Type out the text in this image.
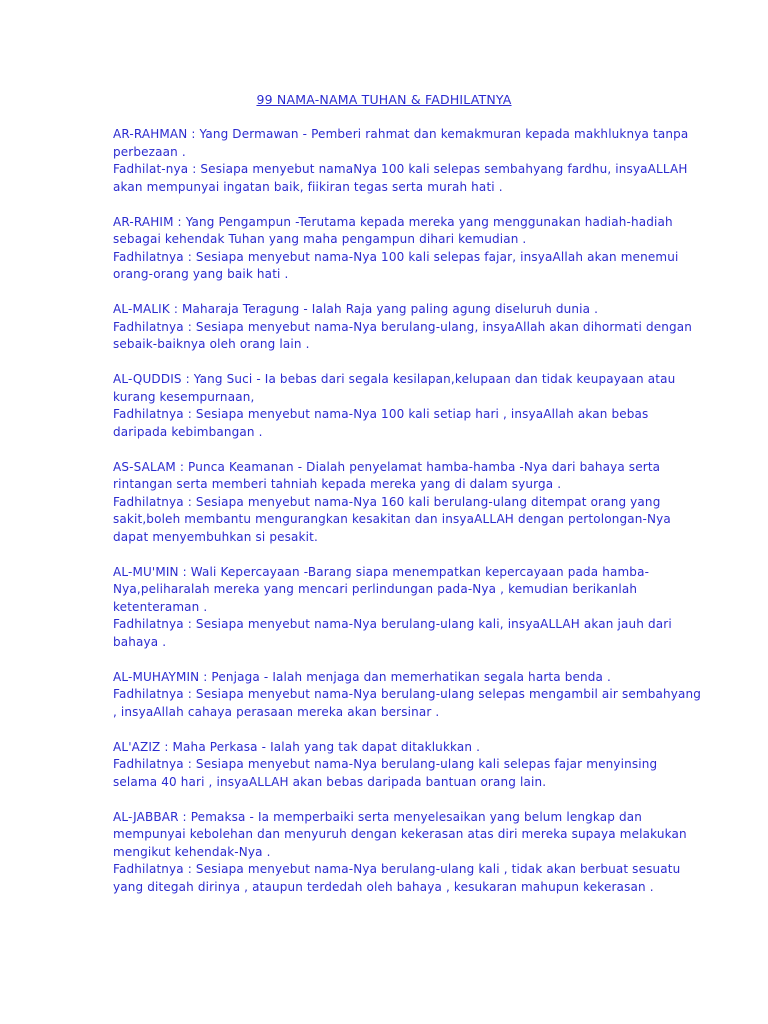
99 NAMA-NAMA TUHAN & FADHILATNYA
AR-RAHMAN : Yang Dermawan - Pemberi rahmat dan kemakmuran kepada makhluknya tanpa
perbezaan .
Fadhilat-nya : Sesiapa menyebut namaNya 100 kali selepas sembahyang fardhu, insyaALLAH
akan mempunyai ingatan baik, fiikiran tegas serta murah hati .
AR-RAHIM : Yang Pengampun -Terutama kepada mereka yang menggunakan hadiah-hadiah
sebagai kehendak Tuhan yang maha pengampun dihari kemudian .
Fadhilatnya : Sesiapa menyebut nama-Nya 100 kali selepas fajar, insyaAllah akan menemui
orang-orang yang baik hati .
AL-MALIK : Maharaja Teragung - Ialah Raja yang paling agung diseluruh dunia .
Fadhilatnya : Sesiapa menyebut nama-Nya berulang-ulang, insyaAllah akan dihormati dengan
sebaik-baiknya oleh orang lain .
AL-QUDDIS : Yang Suci - Ia bebas dari segala kesilapan,kelupaan dan tidak keupayaan atau
kurang kesempurnaan,
Fadhilatnya : Sesiapa menyebut nama-Nya 100 kali setiap hari , insyaAllah akan bebas
daripada kebimbangan .
AS-SALAM : Punca Keamanan - Dialah penyelamat hamba-hamba -Nya dari bahaya serta
rintangan serta memberi tahniah kepada mereka yang di dalam syurga .
Fadhilatnya : Sesiapa menyebut nama-Nya 160 kali berulang-ulang ditempat orang yang
sakit,boleh membantu mengurangkan kesakitan dan insyaALLAH dengan pertolongan-Nya
dapat menyembuhkan si pesakit.
AL-MU'MIN : Wali Kepercayaan -Barang siapa menempatkan kepercayaan pada hamba-
Nya,peliharalah mereka yang mencari perlindungan pada-Nya , kemudian berikanlah
ketenteraman .
Fadhilatnya : Sesiapa menyebut nama-Nya berulang-ulang kali, insyaALLAH akan jauh dari
bahaya .
AL-MUHAYMIN : Penjaga - Ialah menjaga dan memerhatikan segala harta benda .
Fadhilatnya : Sesiapa menyebut nama-Nya berulang-ulang selepas mengambil air sembahyang
, insyaAllah cahaya perasaan mereka akan bersinar .
AL'AZIZ : Maha Perkasa - Ialah yang tak dapat ditaklukkan .
Fadhilatnya : Sesiapa menyebut nama-Nya berulang-ulang kali selepas fajar menyinsing
selama 40 hari , insyaALLAH akan bebas daripada bantuan orang lain.
AL-JABBAR : Pemaksa - Ia memperbaiki serta menyelesaikan yang belum lengkap dan
mempunyai kebolehan dan menyuruh dengan kekerasan atas diri mereka supaya melakukan
mengikut kehendak-Nya .
Fadhilatnya : Sesiapa menyebut nama-Nya berulang-ulang kali , tidak akan berbuat sesuatu
yang ditegah dirinya , ataupun terdedah oleh bahaya , kesukaran mahupun kekerasan .
